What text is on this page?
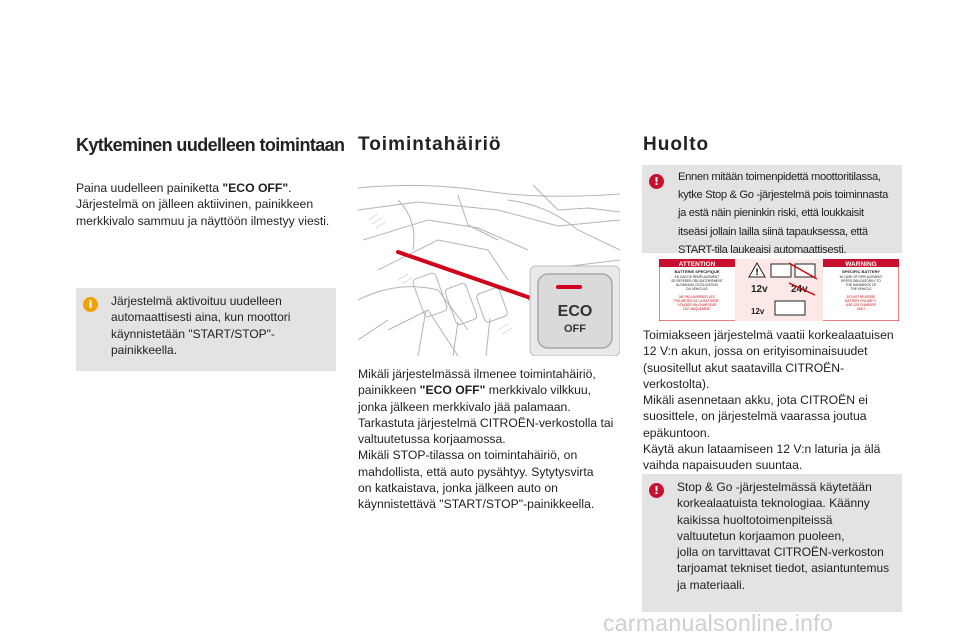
Kytkeminen uudelleen toimintaan
Paina uudelleen painiketta "ECO OFF".
Järjestelmä on jälleen aktiivinen, painikkeen
merkkivalo sammuu ja näyttöön ilmestyy viesti.
i	Järjestelmä aktivoituu uudelleen
automaattisesti aina, kun moottori
käynnistetään "START/STOP"-
painikkeella.
Toimintahäiriö
ECO
OFF
Mikäli järjestelmässä ilmenee toimintahäiriö,
painikkeen "ECO OFF" merkkivalo vilkkuu,
jonka jälkeen merkkivalo jää palamaan.
Tarkastuta järjestelmä CITROËN-verkostolla tai
valtuutetussa korjaamossa.
Mikäli STOP-tilassa on toimintahäiriö, on
mahdollista, että auto pysähtyy. Sytytysvirta
on katkaistava, jonka jälkeen auto on
käynnistettävä "START/STOP"-painikkeella.
Huolto
!	Ennen mitään toimenpidettä moottoritilassa,
kytke Stop & Go -järjestelmä pois toiminnasta
ja estä näin pieninkin riski, että loukkaisit
itseäsi jollain lailla siinä tapauksessa, että
START-tila laukeaisi automaattisesti.
ATTENTION	WARNING
BATTERIE SPECIFIQUE
EN CAS DE REMPLACEMENT
SE REFERER OBLIGATOIREMENT
AU MANUEL D'UTILISATION
DU VEHICULE
NE PAS INVERSER LES
POLARITES DE LA BATTERIE.
UTILISER UN CHARGEUR
12V UNIQUEMENT
SPECIFIC BATTERY
IN CASE OF REPLACEMENT
REFER OBLIGATORILY TO
THE HANDBOOK OF
THE VEHICLE
DO NOT REVERSE
BATTERY POLARITY.
USE 12V CHARGER
ONLY
!
12v 24v
12v
Toimiakseen järjestelmä vaatii korkealaatuisen
12 V:n akun, jossa on erityisominaisuudet
(suositellut akut saatavilla CITROËN-
verkostolta).
Mikäli asennetaan akku, jota CITROËN ei
suosittele, on järjestelmä vaarassa joutua
epäkuntoon.
Käytä akun lataamiseen 12 V:n laturia ja älä
vaihda napaisuuden suuntaa.
!	Stop & Go -järjestelmässä käytetään
korkealaatuista teknologiaa. Käänny
kaikissa huoltotoimenpiteissä
valtuutetun korjaamon puoleen,
jolla on tarvittavat CITROËN-verkoston
tarjoamat tekniset tiedot, asiantuntemus
ja materiaali.
carmanualsonline.info
